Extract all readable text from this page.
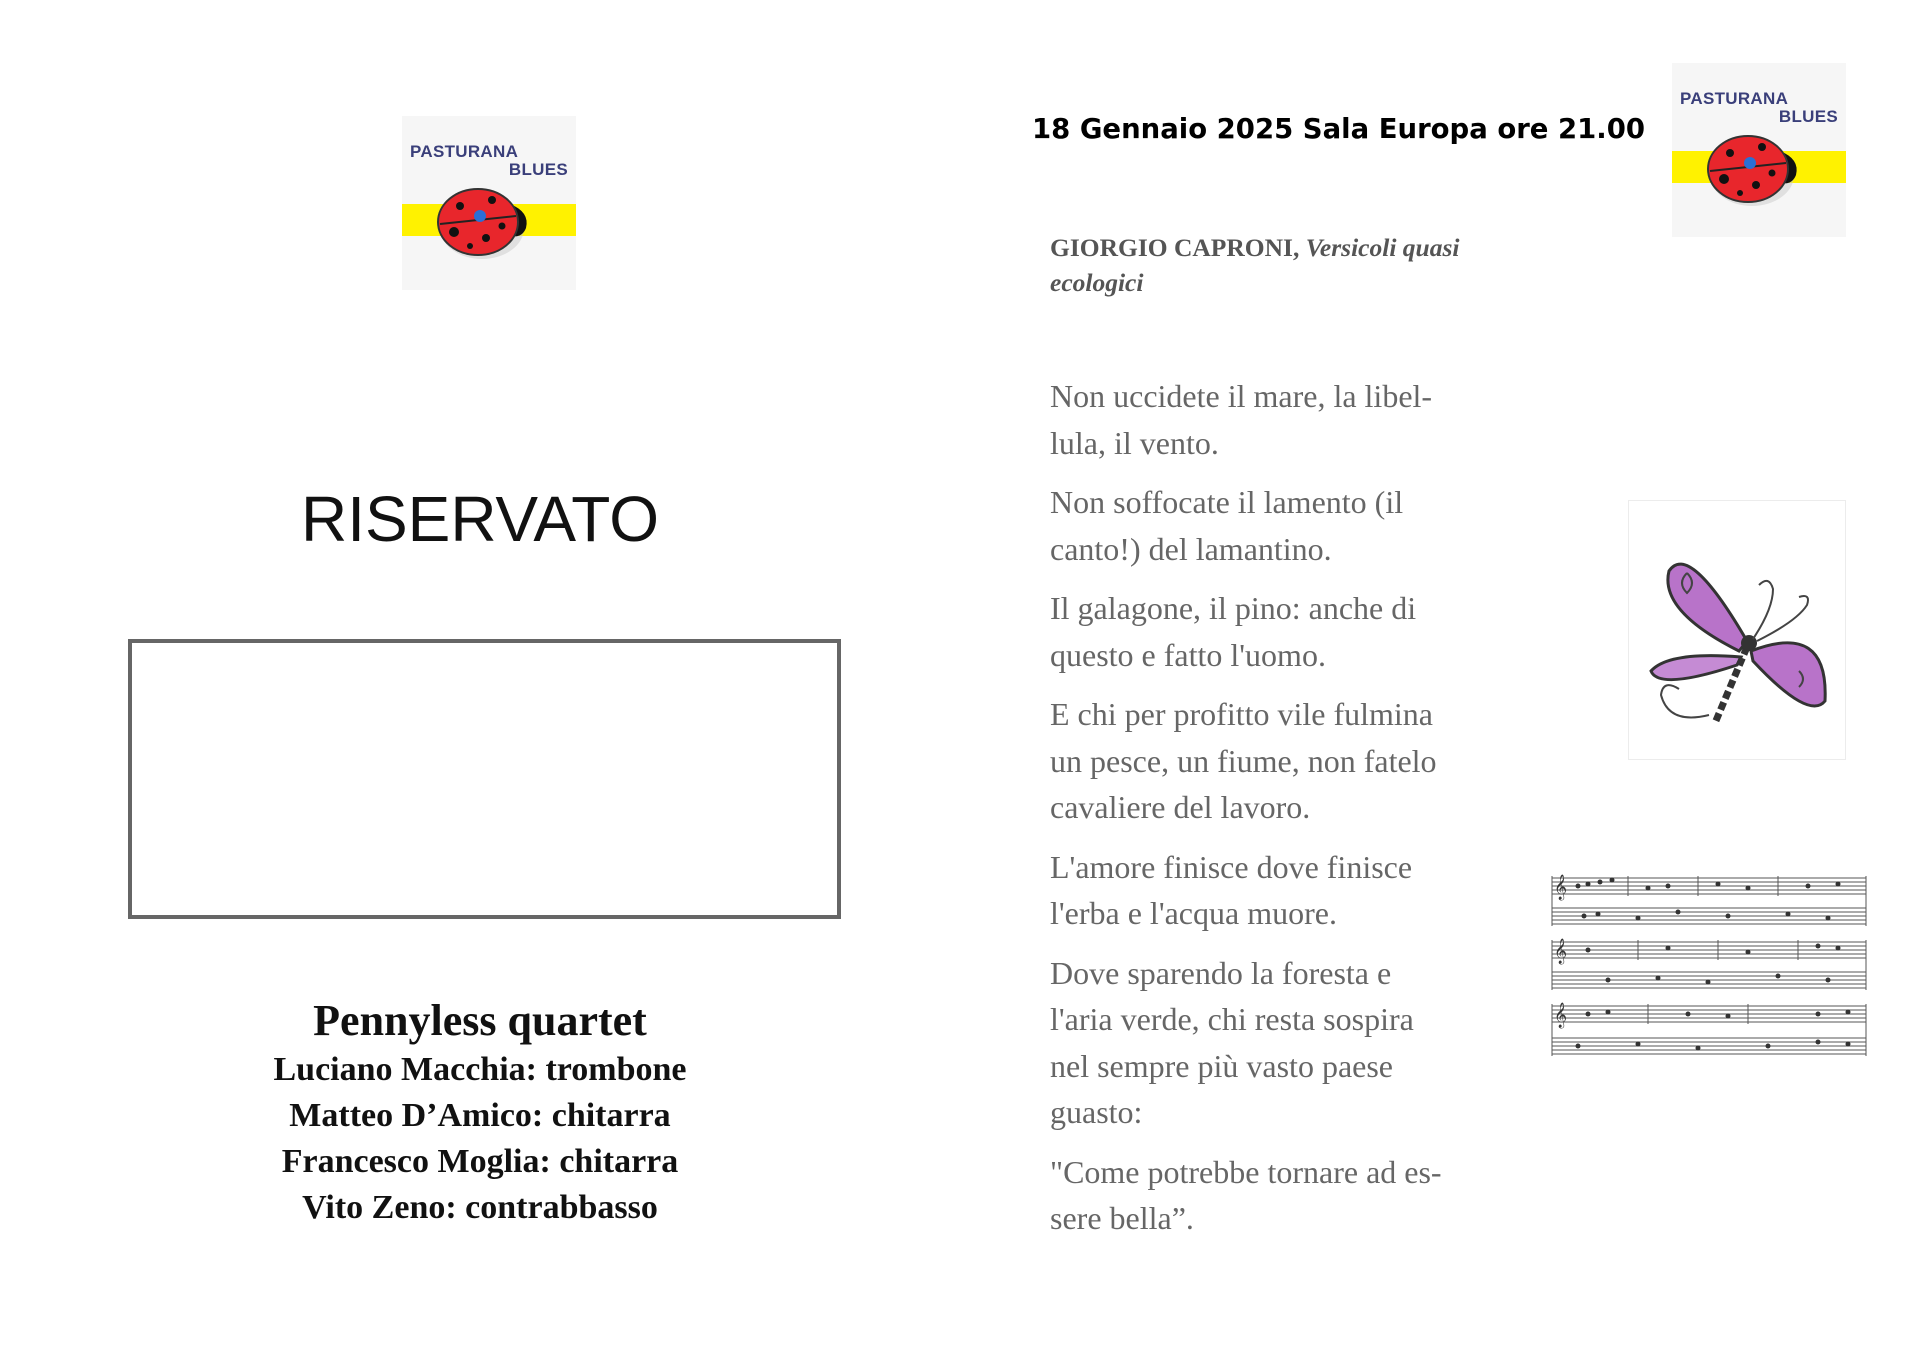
PASTURANA
BLUES
RISERVATO
Pennyless quartet
Luciano Macchia: trombone
Matteo D’Amico: chitarra
Francesco Moglia: chitarra
Vito Zeno: contrabbasso
18 Gennaio 2025 Sala Europa ore 21.00
PASTURANA
BLUES
GIORGIO CAPRONI, Versicoli quasi ecologici

Non uccidete il mare, la libel-
lula, il vento.

Non soffocate il lamento (il
canto!) del lamantino.

Il galagone, il pino: anche di
questo e fatto l'uomo.

E chi per profitto vile fulmina
un pesce, un fiume, non fatelo
cavaliere del lavoro.

L'amore finisce dove finisce
l'erba e l'acqua muore.

Dove sparendo la foresta e
l'aria verde, chi resta sospira
nel sempre più vasto paese
guasto:

"Come potrebbe tornare ad es-
sere bella”.

𝄞
𝄞
𝄞
